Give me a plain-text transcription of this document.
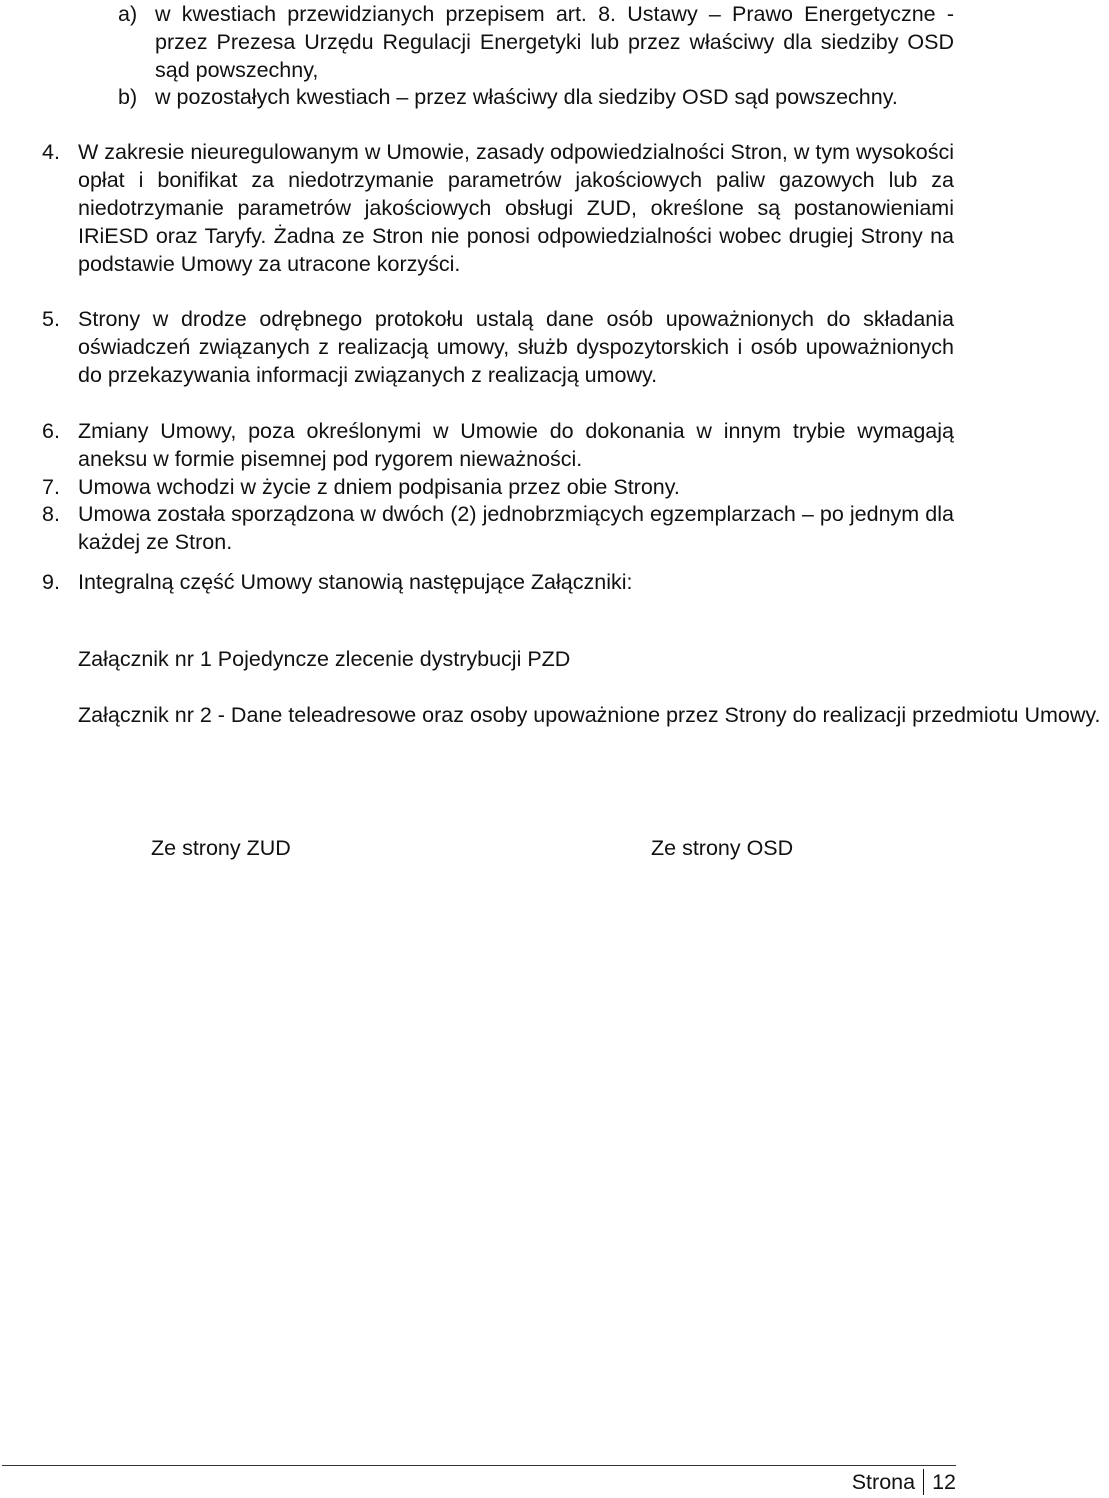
a) w kwestiach przewidzianych przepisem art. 8. Ustawy – Prawo Energetyczne - przez Prezesa Urzędu Regulacji Energetyki lub przez właściwy dla siedziby OSD sąd powszechny,
b) w pozostałych kwestiach – przez właściwy dla siedziby OSD sąd powszechny.
4. W zakresie nieuregulowanym w Umowie, zasady odpowiedzialności Stron, w tym wysokości opłat i bonifikat za niedotrzymanie parametrów jakościowych paliw gazowych lub za niedotrzymanie parametrów jakościowych obsługi ZUD, określone są postanowieniami IRiESD oraz Taryfy. Żadna ze Stron nie ponosi odpowiedzialności wobec drugiej Strony na podstawie Umowy za utracone korzyści.
5. Strony w drodze odrębnego protokołu ustalą dane osób upoważnionych do składania oświadczeń związanych z realizacją umowy, służb dyspozytorskich i osób upoważnionych do przekazywania informacji związanych z realizacją umowy.
6. Zmiany Umowy, poza określonymi w Umowie do dokonania w innym trybie wymagają aneksu w formie pisemnej pod rygorem nieważności.
7. Umowa wchodzi w życie z dniem podpisania przez obie Strony.
8. Umowa została sporządzona w dwóch (2) jednobrzmiących egzemplarzach – po jednym dla każdej ze Stron.
9. Integralną część Umowy stanowią następujące Załączniki:
Załącznik nr 1 Pojedyncze zlecenie dystrybucji PZD
Załącznik nr 2 - Dane teleadresowe oraz osoby upoważnione przez Strony do realizacji przedmiotu Umowy.
Ze strony ZUD	Ze strony OSD
Strona 12
